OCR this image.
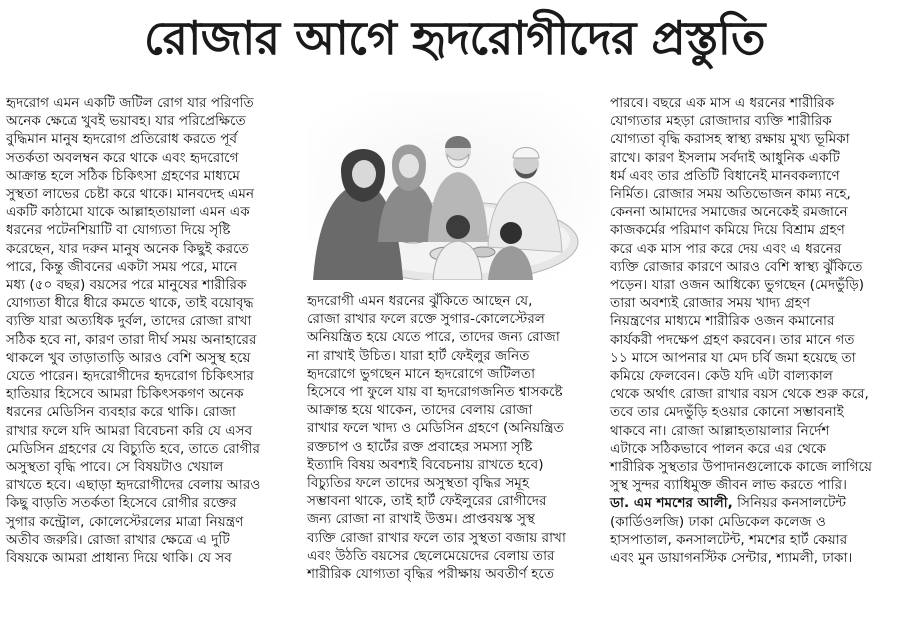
রোজার আগে হৃদরোগীদের প্রস্তুতি

হৃদরোগ এমন একটি জটিল রোগ যার পরিণতি

অনেক ক্ষেত্রে খুবই ভয়াবহ। যার পরিপ্রেক্ষিতে

বুদ্ধিমান মানুষ হৃদরোগ প্রতিরোধ করতে পূর্ব

সতর্কতা অবলম্বন করে থাকে এবং হৃদরোগে

আক্রান্ত হলে সঠিক চিকিৎসা গ্রহণের মাধ্যমে

সুস্থতা লাভের চেষ্টা করে থাকে। মানবদেহ এমন

একটি কাঠামো যাকে আল্লাহতায়ালা এমন এক

ধরনের পটেনশিয়াটি বা যোগ্যতা দিয়ে সৃষ্টি

করেছেন, যার দরুন মানুষ অনেক কিছুই করতে

পারে, কিন্তু জীবনের একটা সময় পরে, মানে

মধ্য (৫০ বছর) বয়সের পরে মানুষের শারীরিক

যোগ্যতা ধীরে ধীরে কমতে থাকে, তাই বয়োবৃদ্ধ

ব্যক্তি যারা অত্যধিক দুর্বল, তাদের রোজা রাখা

সঠিক হবে না, কারণ তারা দীর্ঘ সময় অনাহারের

থাকলে খুব তাড়াতাড়ি আরও বেশি অসুস্থ হয়ে

যেতে পারেন। হৃদরোগীদের হৃদরোগ চিকিৎসার

হাতিয়ার হিসেবে আমরা চিকিৎসকগণ অনেক

ধরনের মেডিসিন ব্যবহার করে থাকি। রোজা

রাখার ফলে যদি আমরা বিবেচনা করি যে এসব

মেডিসিন গ্রহণের যে বিচ্যুতি হবে, তাতে রোগীর

অসুস্থতা বৃদ্ধি পাবে। সে বিষয়টাও খেয়াল

রাখতে হবে। এছাড়া হৃদরোগীদের বেলায় আরও

কিছু বাড়তি সতর্কতা হিসেবে রোগীর রক্তের

সুগার কন্ট্রোল, কোলেস্টেরলের মাত্রা নিয়ন্ত্রণ

অতীব জরুরি। রোজা রাখার ক্ষেত্রে এ দুটি

বিষয়কে আমরা প্রাধান্য দিয়ে থাকি। যে সব

হৃদরোগী এমন ধরনের ঝুঁকিতে আছেন যে,

রোজা রাখার ফলে রক্তে সুগার-কোলেস্টেরল

অনিয়ন্ত্রিত হয়ে যেতে পারে, তাদের জন্য রোজা

না রাখাই উচিত। যারা হার্ট ফেইলুর জনিত

হৃদরোগে ভুগছেন মানে হৃদরোগে জটিলতা

হিসেবে পা ফুলে যায় বা হৃদরোগজনিত শ্বাসকষ্টে

আক্রান্ত হয়ে থাকেন, তাদের বেলায় রোজা

রাখার ফলে খাদ্য ও মেডিসিন গ্রহণে (অনিয়ন্ত্রিত

রক্তচাপ ও হার্টের রক্ত প্রবাহের সমস্যা সৃষ্টি

ইত্যাদি বিষয় অবশ্যই বিবেচনায় রাখতে হবে)

বিচ্যুতির ফলে তাদের অসুস্থতা বৃদ্ধির সমূহ

সম্ভাবনা থাকে, তাই হার্ট ফেইলুরের রোগীদের

জন্য রোজা না রাখাই উত্তম। প্রাপ্তবয়স্ক সুস্থ

ব্যক্তি রোজা রাখার ফলে তার সুস্থতা বজায় রাখা

এবং উঠতি বয়সের ছেলেমেয়েদের বেলায় তার

শারীরিক যোগ্যতা বৃদ্ধির পরীক্ষায় অবতীর্ণ হতে

পারবে। বছরে এক মাস এ ধরনের শারীরিক

যোগ্যতার মহড়া রোজাদার ব্যক্তি শারীরিক

যোগ্যতা বৃদ্ধি করাসহ স্বাস্থ্য রক্ষায় মুখ্য ভূমিকা

রাখে। কারণ ইসলাম সর্বদাই আধুনিক একটি

ধর্ম এবং তার প্রতিটি বিধানেই মানবকল্যাণে

নির্মিত। রোজার সময় অতিভোজন কাম্য নহে,

কেননা আমাদের সমাজের অনেকেই রমজানে

কাজকর্মের পরিমাণ কমিয়ে দিয়ে বিশ্রাম গ্রহণ

করে এক মাস পার করে দেয় এবং এ ধরনের

ব্যক্তি রোজার কারণে আরও বেশি স্বাস্থ্য ঝুঁকিতে

পড়েন। যারা ওজন আধিক্যে ভুগছেন (মেদভুঁড়ি)

তারা অবশ্যই রোজার সময় খাদ্য গ্রহণ

নিয়ন্ত্রণের মাধ্যমে শারীরিক ওজন কমানোর

কার্যকরী পদক্ষেপ গ্রহণ করবেন। তার মানে গত

১১ মাসে আপনার যা মেদ চর্বি জমা হয়েছে তা

কমিয়ে ফেলবেন। কেউ যদি এটা বাল্যকাল

থেকে অর্থাৎ রোজা রাখার বয়স থেকে শুরু করে,

তবে তার মেদভুঁড়ি হওয়ার কোনো সম্ভাবনাই

থাকবে না। রোজা আল্লাহতায়ালার নির্দেশ

এটাকে সঠিকভাবে পালন করে এর থেকে

শারীরিক সুস্থতার উপাদানগুলোকে কাজে লাগিয়ে

সুস্থ সুন্দর ব্যাধিমুক্ত জীবন লাভ করতে পারি।

ডা. এম শমশের আলী, সিনিয়র কনসালটেন্ট

(কার্ডিওলজি) ঢাকা মেডিকেল কলেজ ও

হাসপাতাল, কনসালটেন্ট, শমশের হার্ট কেয়ার

এবং মুন ডায়াগনস্টিক সেন্টার, শ্যামলী, ঢাকা।
